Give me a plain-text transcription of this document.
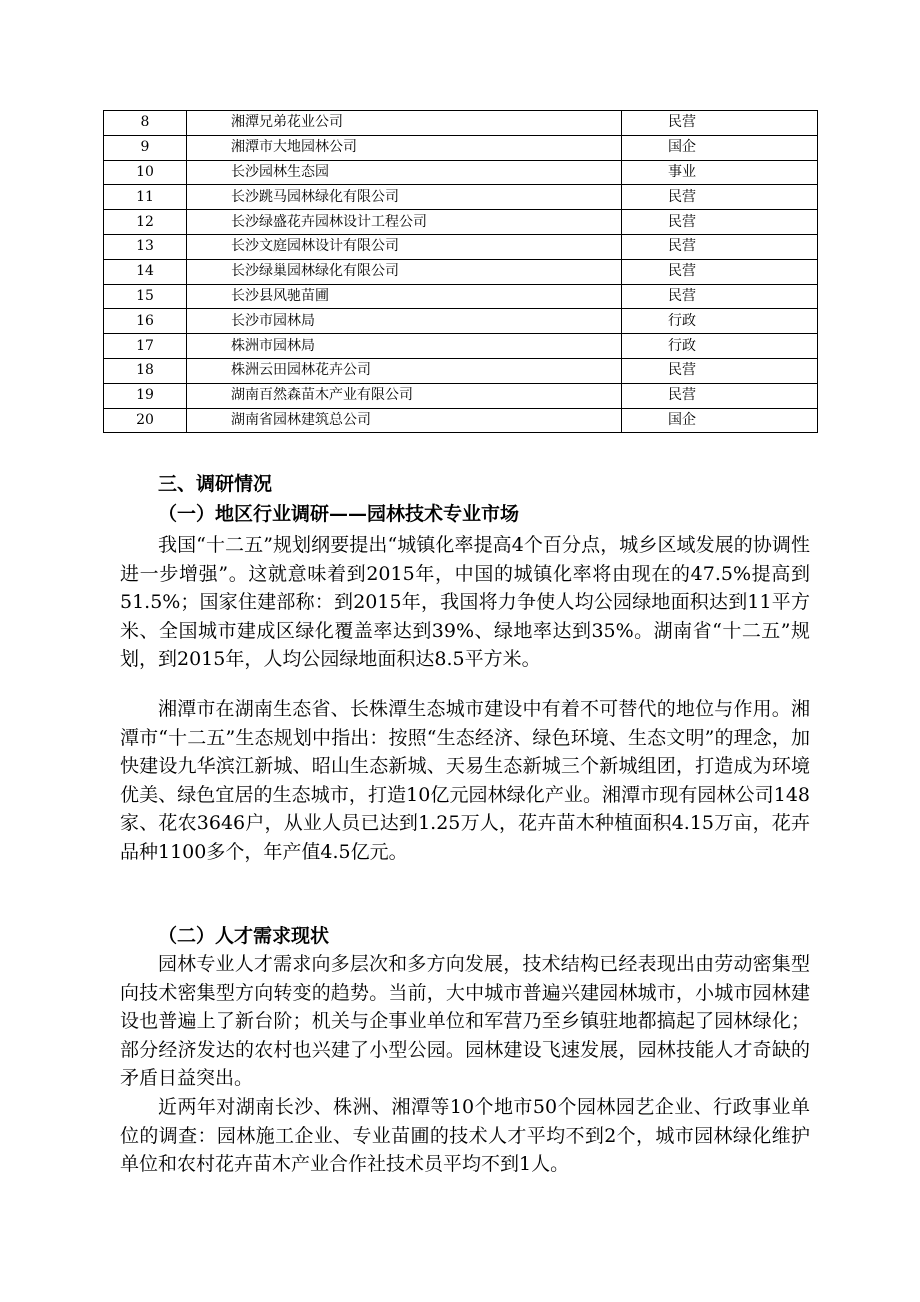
8	湘潭兄弟花业公司	民营
9	湘潭市大地园林公司	国企
10	长沙园林生态园	事业
11	长沙跳马园林绿化有限公司	民营
12	长沙绿盛花卉园林设计工程公司	民营
13	长沙文庭园林设计有限公司	民营
14	长沙绿巢园林绿化有限公司	民营
15	长沙县风驰苗圃	民营
16	长沙市园林局	行政
17	株洲市园林局	行政
18	株洲云田园林花卉公司	民营
19	湖南百然森苗木产业有限公司	民营
20	湖南省园林建筑总公司	国企
三、调研情况
（一）地区行业调研——园林技术专业市场

我国“十二五”规划纲要提出“城镇化率提高4个百分点，城乡区域发展的协调性进一步增强”。这就意味着到2015年，中国的城镇化率将由现在的47.5%提高到51.5%；国家住建部称：到2015年，我国将力争使人均公园绿地面积达到11平方米、全国城市建成区绿化覆盖率达到39%、绿地率达到35%。湖南省“十二五”规划，到2015年，人均公园绿地面积达8.5平方米。

湘潭市在湖南生态省、长株潭生态城市建设中有着不可替代的地位与作用。湘潭市“十二五”生态规划中指出：按照“生态经济、绿色环境、生态文明”的理念，加快建设九华滨江新城、昭山生态新城、天易生态新城三个新城组团，打造成为环境优美、绿色宜居的生态城市，打造10亿元园林绿化产业。湘潭市现有园林公司148家、花农3646户，从业人员已达到1.25万人，花卉苗木种植面积4.15万亩，花卉品种1100多个，年产值4.5亿元。

（二）人才需求现状

园林专业人才需求向多层次和多方向发展，技术结构已经表现出由劳动密集型向技术密集型方向转变的趋势。当前，大中城市普遍兴建园林城市，小城市园林建设也普遍上了新台阶；机关与企事业单位和军营乃至乡镇驻地都搞起了园林绿化；部分经济发达的农村也兴建了小型公园。园林建设飞速发展，园林技能人才奇缺的矛盾日益突出。

近两年对湖南长沙、株洲、湘潭等10个地市50个园林园艺企业、行政事业单位的调查：园林施工企业、专业苗圃的技术人才平均不到2个，城市园林绿化维护单位和农村花卉苗木产业合作社技术员平均不到1人。
